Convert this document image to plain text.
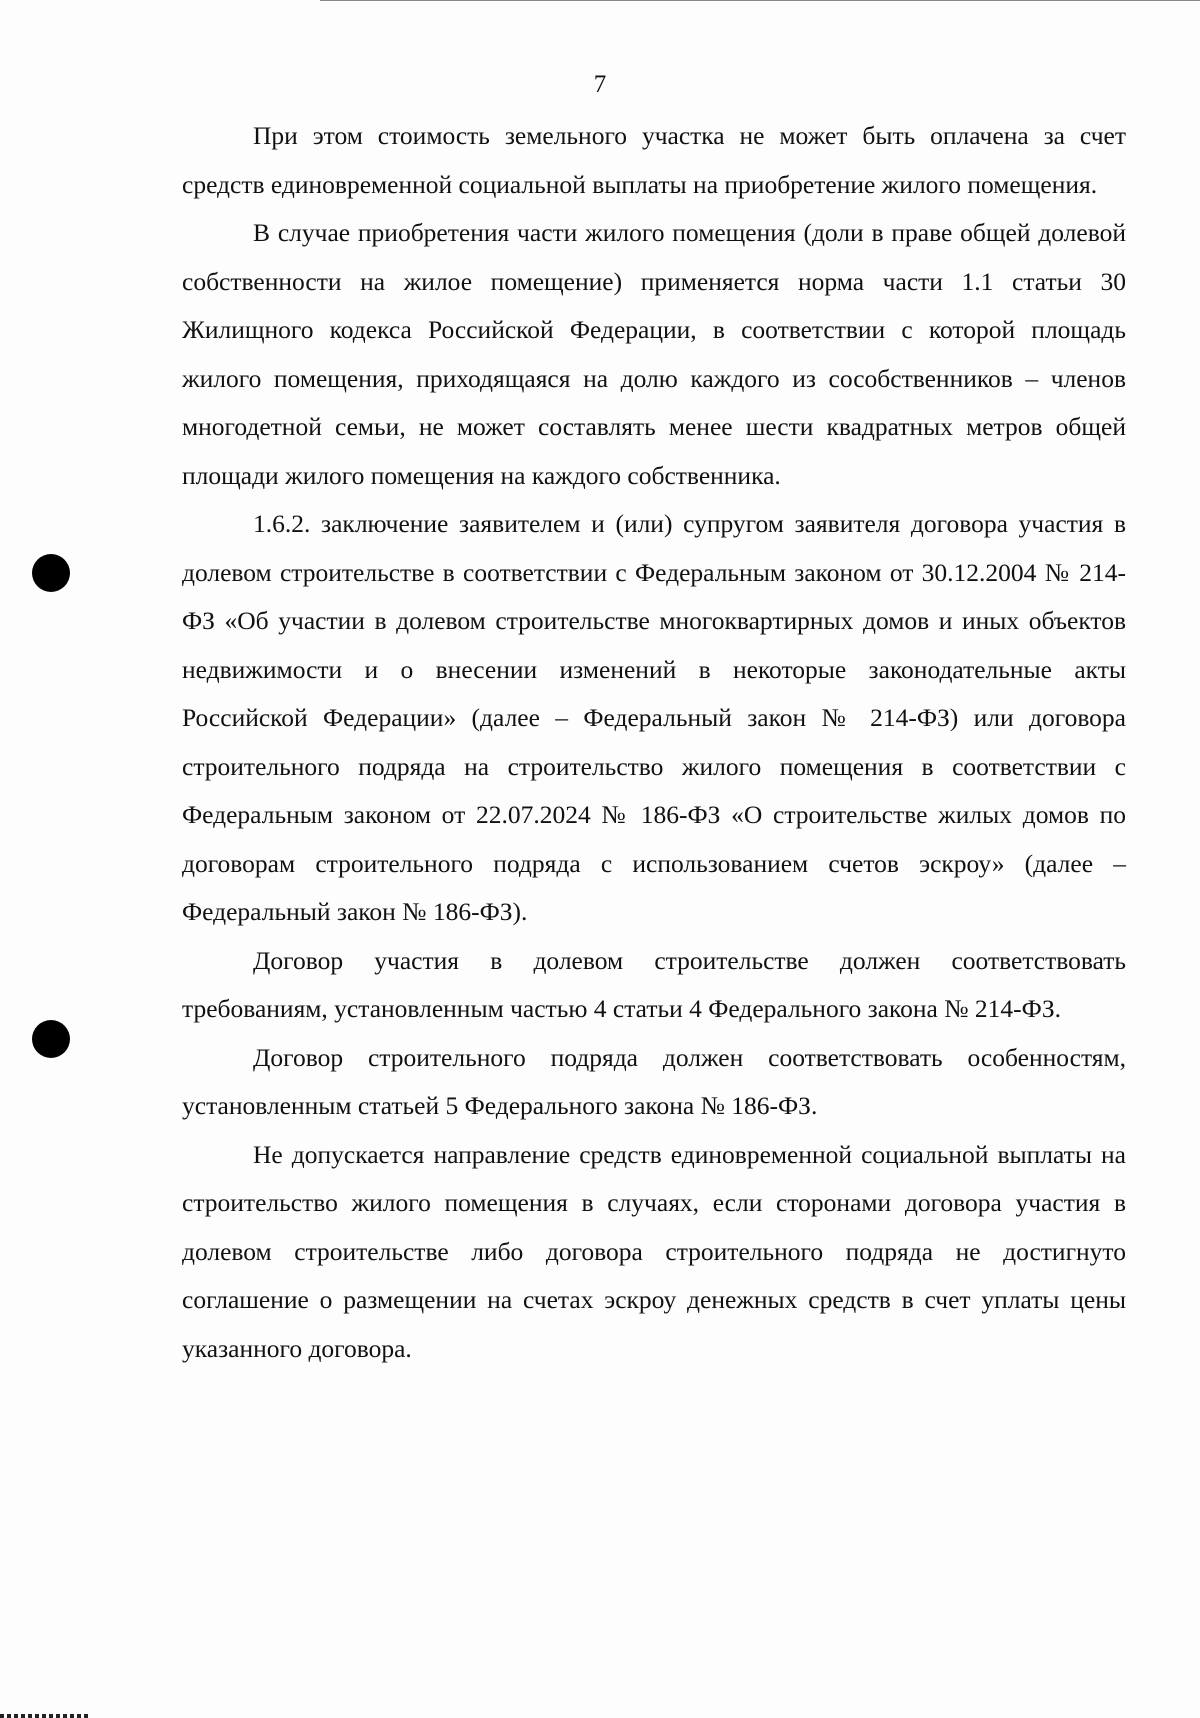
7

При этом стоимость земельного участка не может быть оплачена за счет средств единовременной социальной выплаты на приобретение жилого помещения.

В случае приобретения части жилого помещения (доли в праве общей долевой собственности на жилое помещение) применяется норма части 1.1 статьи 30 Жилищного кодекса Российской Федерации, в соответствии с которой площадь жилого помещения, приходящаяся на долю каждого из сособственников – членов многодетной семьи, не может составлять менее шести квадратных метров общей площади жилого помещения на каждого собственника.

1.6.2. заключение заявителем и (или) супругом заявителя договора участия в долевом строительстве в соответствии с Федеральным законом от 30.12.2004 № 214-ФЗ «Об участии в долевом строительстве многоквартирных домов и иных объектов недвижимости и о внесении изменений в некоторые законодательные акты Российской Федерации» (далее – Федеральный закон № 214-ФЗ) или договора строительного подряда на строительство жилого помещения в соответствии с Федеральным законом от 22.07.2024 № 186-ФЗ «О строительстве жилых домов по договорам строительного подряда с использованием счетов эскроу» (далее – Федеральный закон № 186-ФЗ).

Договор участия в долевом строительстве должен соответствовать требованиям, установленным частью 4 статьи 4 Федерального закона № 214-ФЗ.

Договор строительного подряда должен соответствовать особенностям, установленным статьей 5 Федерального закона № 186-ФЗ.

Не допускается направление средств единовременной социальной выплаты на строительство жилого помещения в случаях, если сторонами договора участия в долевом строительстве либо договора строительного подряда не достигнуто соглашение о размещении на счетах эскроу денежных средств в счет уплаты цены указанного договора.
